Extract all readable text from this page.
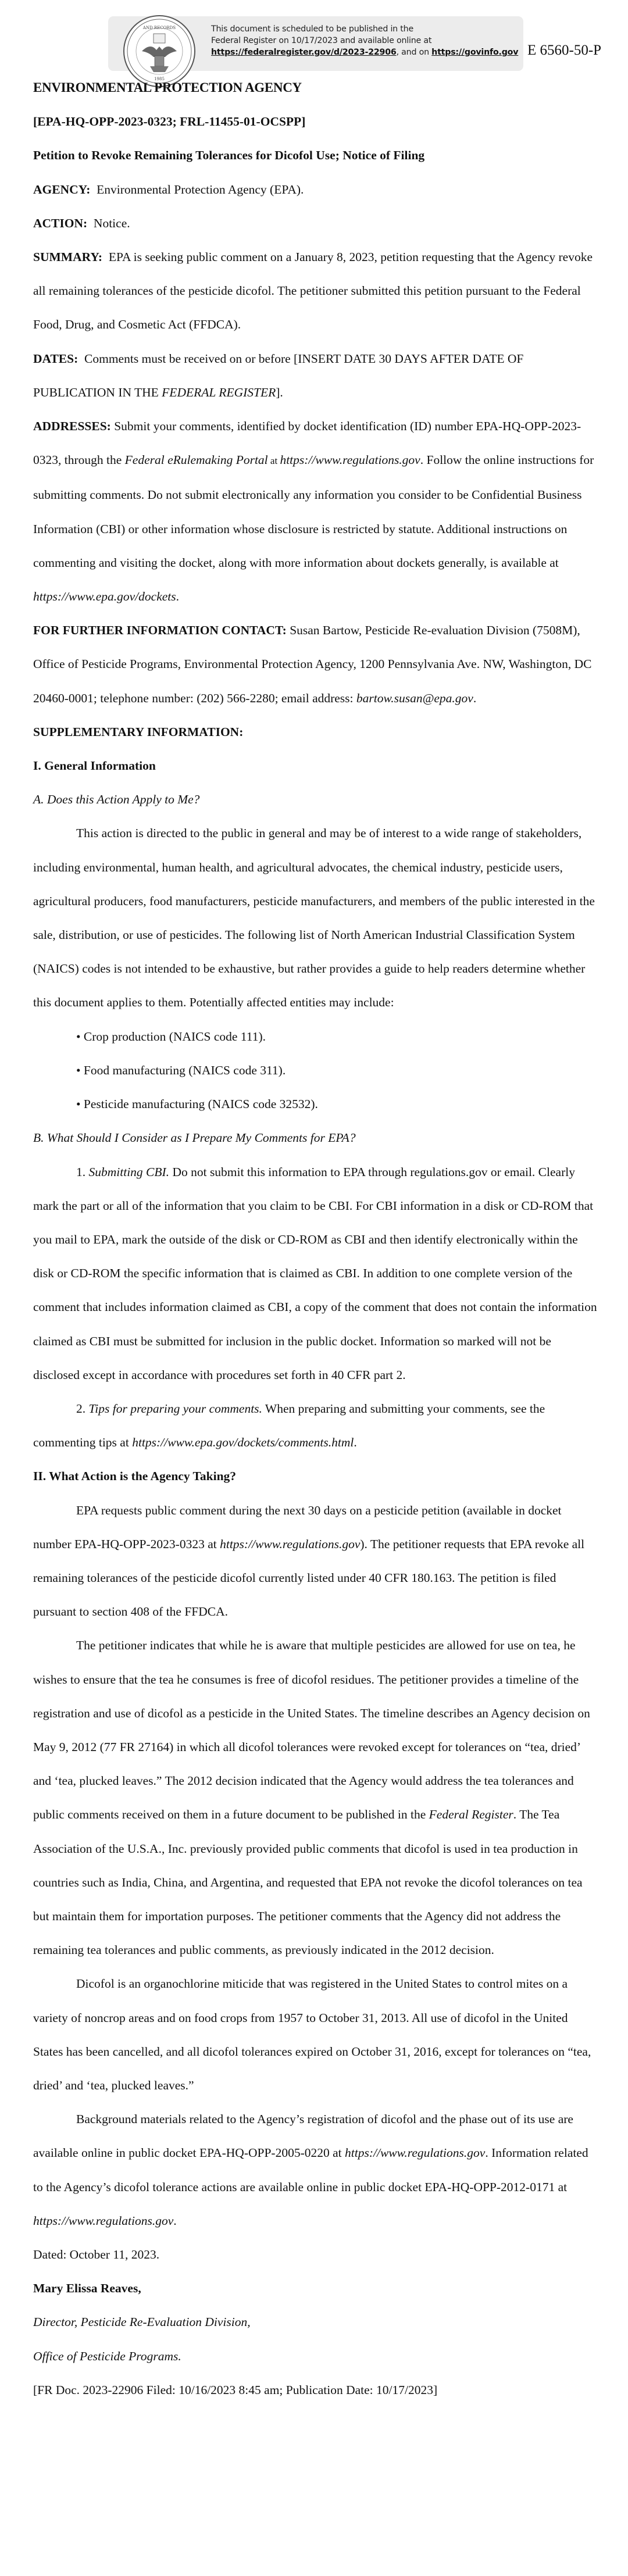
AND RECORDS
1985
This document is scheduled to be published in the
Federal Register on 10/17/2023 and available online at
https://federalregister.gov/d/2023-22906, and on https://govinfo.gov E 6560-50-P

ENVIRONMENTAL PROTECTION AGENCY

[EPA-HQ-OPP-2023-0323; FRL-11455-01-OCSPP]

Petition to Revoke Remaining Tolerances for Dicofol Use; Notice of Filing

AGENCY: Environmental Protection Agency (EPA).

ACTION: Notice.

SUMMARY: EPA is seeking public comment on a January 8, 2023, petition requesting that the Agency revoke all remaining tolerances of the pesticide dicofol. The petitioner submitted this petition pursuant to the Federal Food, Drug, and Cosmetic Act (FFDCA).

DATES: Comments must be received on or before [INSERT DATE 30 DAYS AFTER DATE OF PUBLICATION IN THE FEDERAL REGISTER].

ADDRESSES: Submit your comments, identified by docket identification (ID) number EPA-HQ-OPP-2023-0323, through the Federal eRulemaking Portal at https://www.regulations.gov. Follow the online instructions for submitting comments. Do not submit electronically any information you consider to be Confidential Business Information (CBI) or other information whose disclosure is restricted by statute. Additional instructions on commenting and visiting the docket, along with more information about dockets generally, is available at https://www.epa.gov/dockets.

FOR FURTHER INFORMATION CONTACT: Susan Bartow, Pesticide Re-evaluation Division (7508M), Office of Pesticide Programs, Environmental Protection Agency, 1200 Pennsylvania Ave. NW, Washington, DC 20460-0001; telephone number: (202) 566-2280; email address: bartow.susan@epa.gov.

SUPPLEMENTARY INFORMATION:

I. General Information

A. Does this Action Apply to Me?

This action is directed to the public in general and may be of interest to a wide range of stakeholders, including environmental, human health, and agricultural advocates, the chemical industry, pesticide users, agricultural producers, food manufacturers, pesticide manufacturers, and members of the public interested in the sale, distribution, or use of pesticides. The following list of North American Industrial Classification System (NAICS) codes is not intended to be exhaustive, but rather provides a guide to help readers determine whether this document applies to them. Potentially affected entities may include:

• Crop production (NAICS code 111).

• Food manufacturing (NAICS code 311).

• Pesticide manufacturing (NAICS code 32532).

B. What Should I Consider as I Prepare My Comments for EPA?

1. Submitting CBI. Do not submit this information to EPA through regulations.gov or email. Clearly mark the part or all of the information that you claim to be CBI. For CBI information in a disk or CD-ROM that you mail to EPA, mark the outside of the disk or CD-ROM as CBI and then identify electronically within the disk or CD-ROM the specific information that is claimed as CBI. In addition to one complete version of the comment that includes information claimed as CBI, a copy of the comment that does not contain the information claimed as CBI must be submitted for inclusion in the public docket. Information so marked will not be disclosed except in accordance with procedures set forth in 40 CFR part 2.

2. Tips for preparing your comments. When preparing and submitting your comments, see the commenting tips at https://www.epa.gov/dockets/comments.html.

II. What Action is the Agency Taking?

EPA requests public comment during the next 30 days on a pesticide petition (available in docket number EPA-HQ-OPP-2023-0323 at https://www.regulations.gov). The petitioner requests that EPA revoke all remaining tolerances of the pesticide dicofol currently listed under 40 CFR 180.163. The petition is filed pursuant to section 408 of the FFDCA.

The petitioner indicates that while he is aware that multiple pesticides are allowed for use on tea, he wishes to ensure that the tea he consumes is free of dicofol residues. The petitioner provides a timeline of the registration and use of dicofol as a pesticide in the United States. The timeline describes an Agency decision on May 9, 2012 (77 FR 27164) in which all dicofol tolerances were revoked except for tolerances on “tea, dried’ and ‘tea, plucked leaves.” The 2012 decision indicated that the Agency would address the tea tolerances and public comments received on them in a future document to be published in the Federal Register. The Tea Association of the U.S.A., Inc. previously provided public comments that dicofol is used in tea production in countries such as India, China, and Argentina, and requested that EPA not revoke the dicofol tolerances on tea but maintain them for importation purposes. The petitioner comments that the Agency did not address the remaining tea tolerances and public comments, as previously indicated in the 2012 decision.

Dicofol is an organochlorine miticide that was registered in the United States to control mites on a variety of noncrop areas and on food crops from 1957 to October 31, 2013. All use of dicofol in the United States has been cancelled, and all dicofol tolerances expired on October 31, 2016, except for tolerances on “tea, dried’ and ‘tea, plucked leaves.”

Background materials related to the Agency’s registration of dicofol and the phase out of its use are available online in public docket EPA-HQ-OPP-2005-0220 at https://www.regulations.gov. Information related to the Agency’s dicofol tolerance actions are available online in public docket EPA-HQ-OPP-2012-0171 at https://www.regulations.gov.

Dated: October 11, 2023.

Mary Elissa Reaves,

Director, Pesticide Re-Evaluation Division,

Office of Pesticide Programs.

[FR Doc. 2023-22906 Filed: 10/16/2023 8:45 am; Publication Date: 10/17/2023]
